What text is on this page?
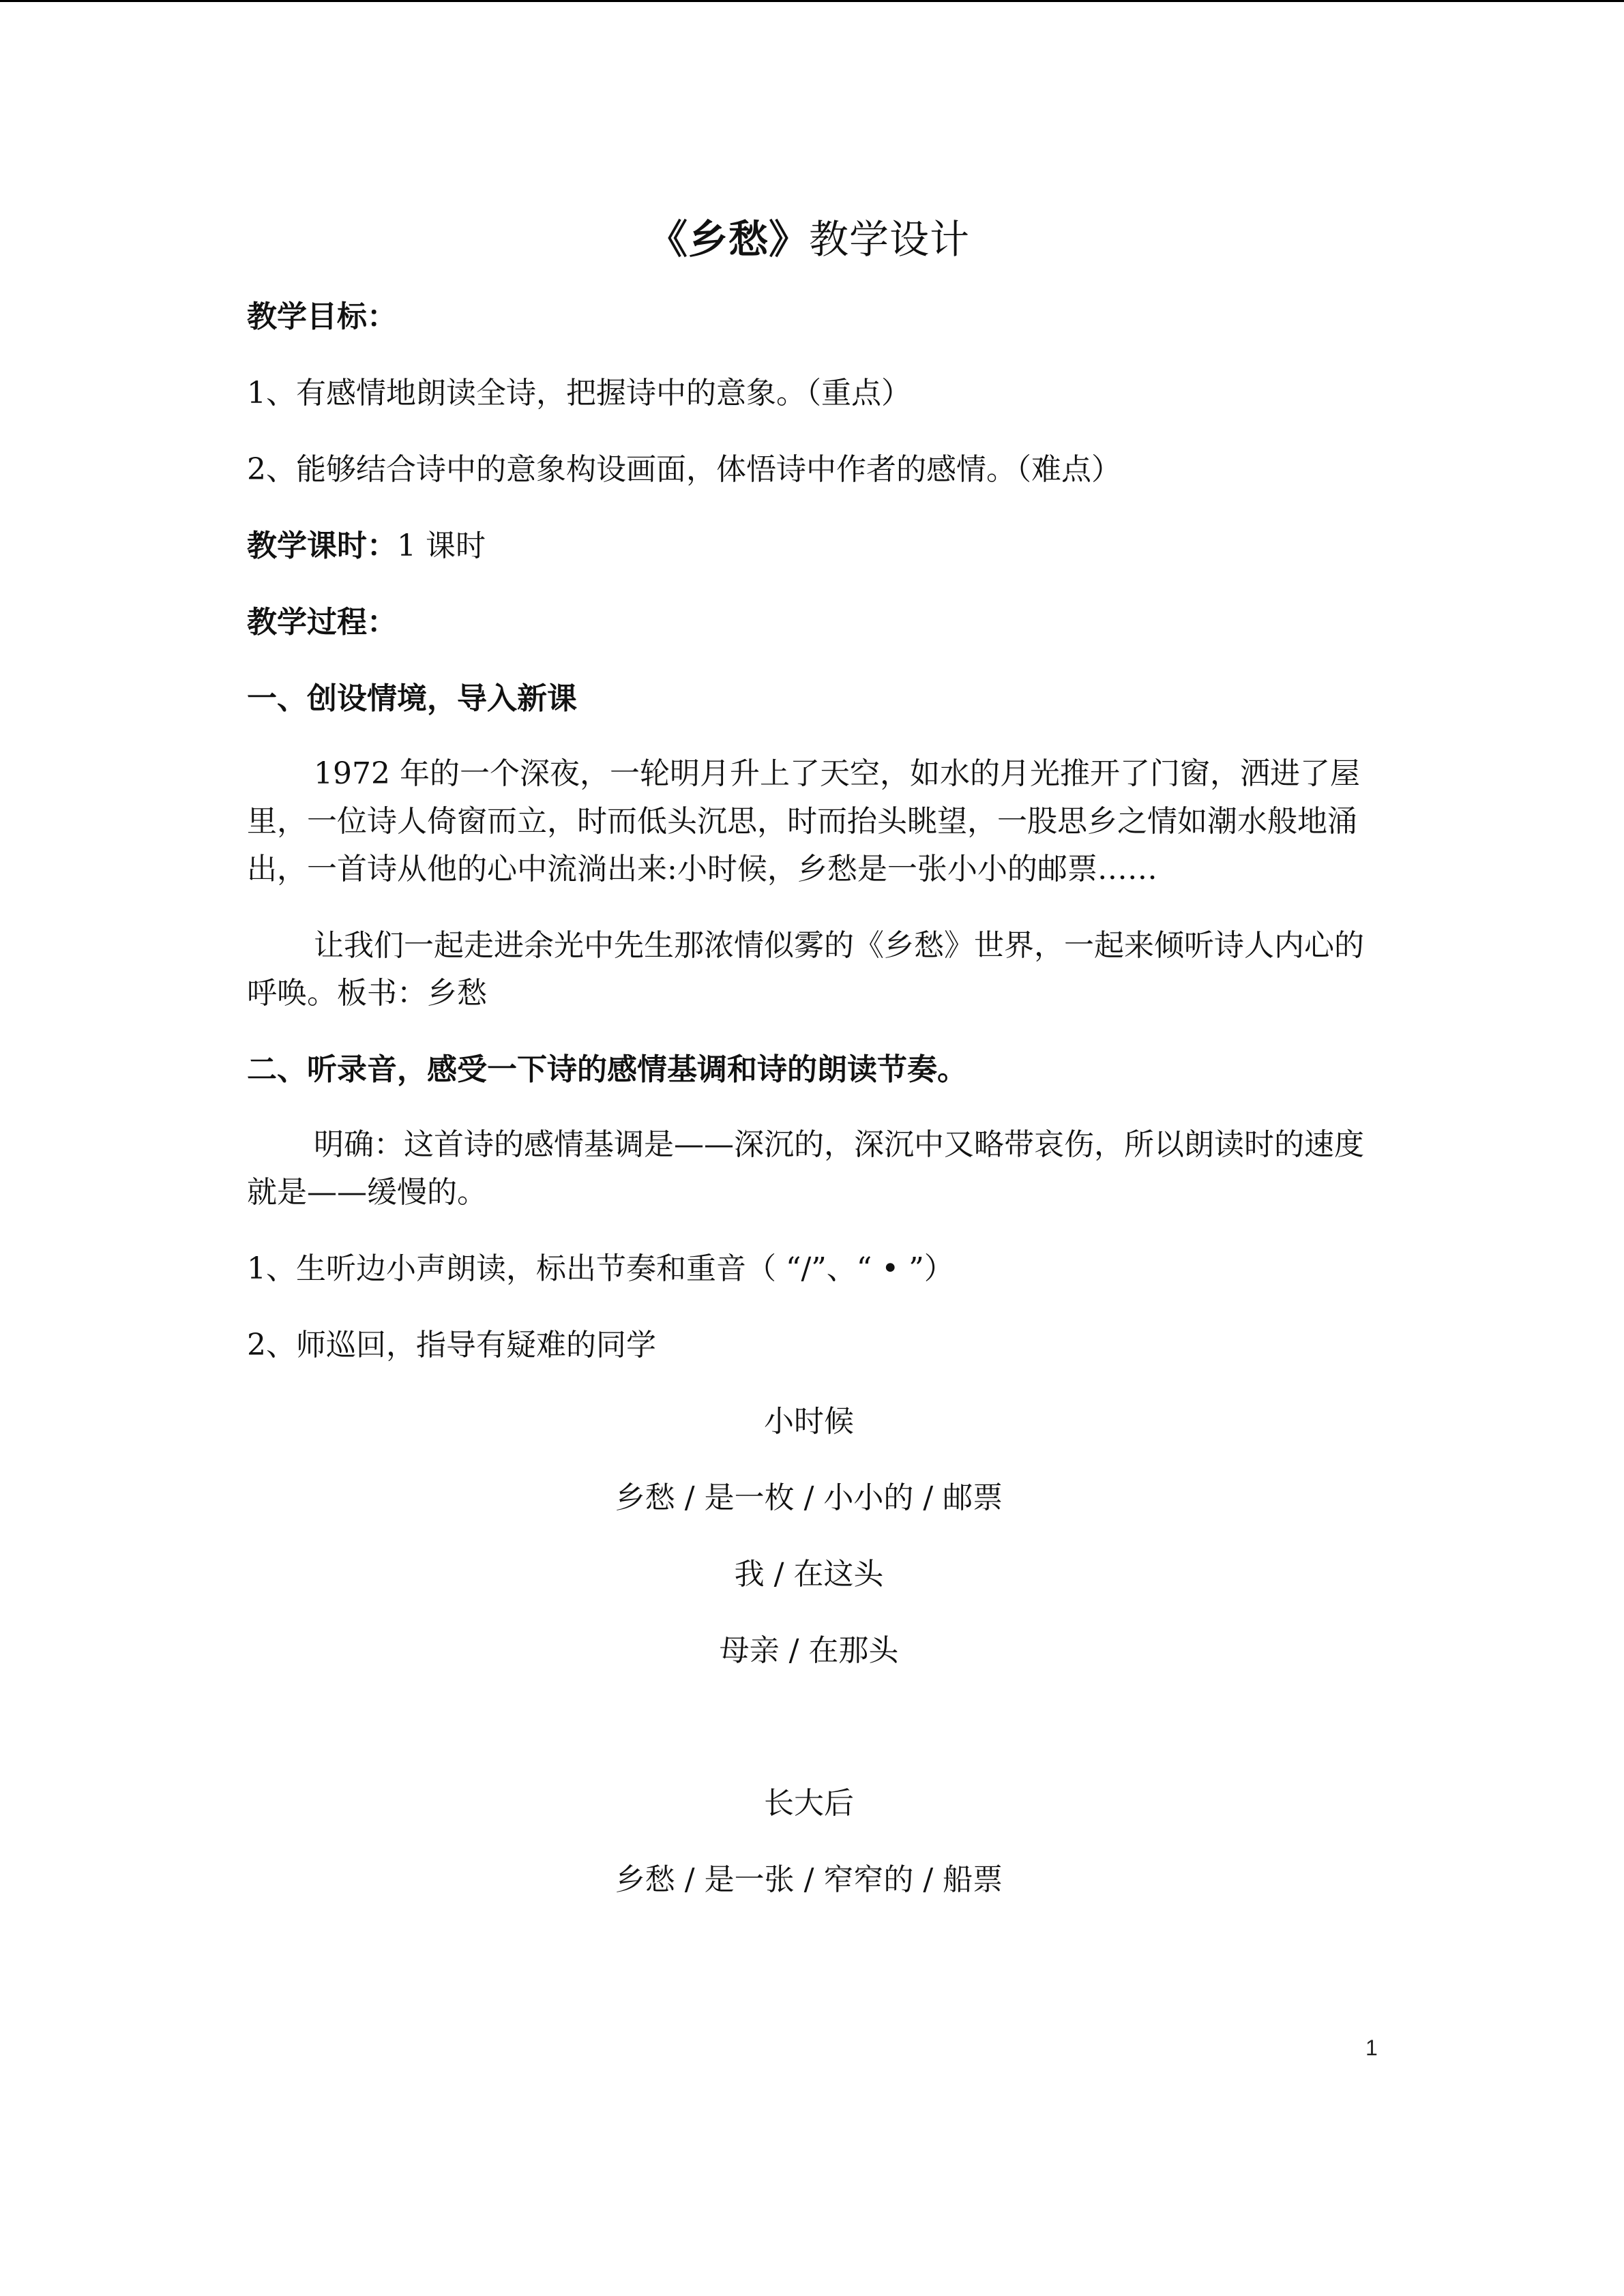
《乡愁》教学设计
教学目标：
1、有感情地朗读全诗，把握诗中的意象。（重点）
2、能够结合诗中的意象构设画面，体悟诗中作者的感情。（难点）
教学课时：1 课时
教学过程：
一、创设情境，导入新课
1972 年的一个深夜，一轮明月升上了天空，如水的月光推开了门窗，洒进了屋里，一位诗人倚窗而立，时而低头沉思，时而抬头眺望，一股思乡之情如潮水般地涌出，一首诗从他的心中流淌出来:小时候，乡愁是一张小小的邮票……
让我们一起走进余光中先生那浓情似雾的《乡愁》世界，一起来倾听诗人内心的呼唤。板书：乡愁
二、听录音，感受一下诗的感情基调和诗的朗读节奏。
明确：这首诗的感情基调是——深沉的，深沉中又略带哀伤，所以朗读时的速度就是——缓慢的。
1、生听边小声朗读，标出节奏和重音（ “/”、“ • ”）
2、师巡回，指导有疑难的同学
小时候
乡愁 / 是一枚 / 小小的 / 邮票
我 / 在这头
母亲 / 在那头
长大后
乡愁 / 是一张 / 窄窄的 / 船票
1
